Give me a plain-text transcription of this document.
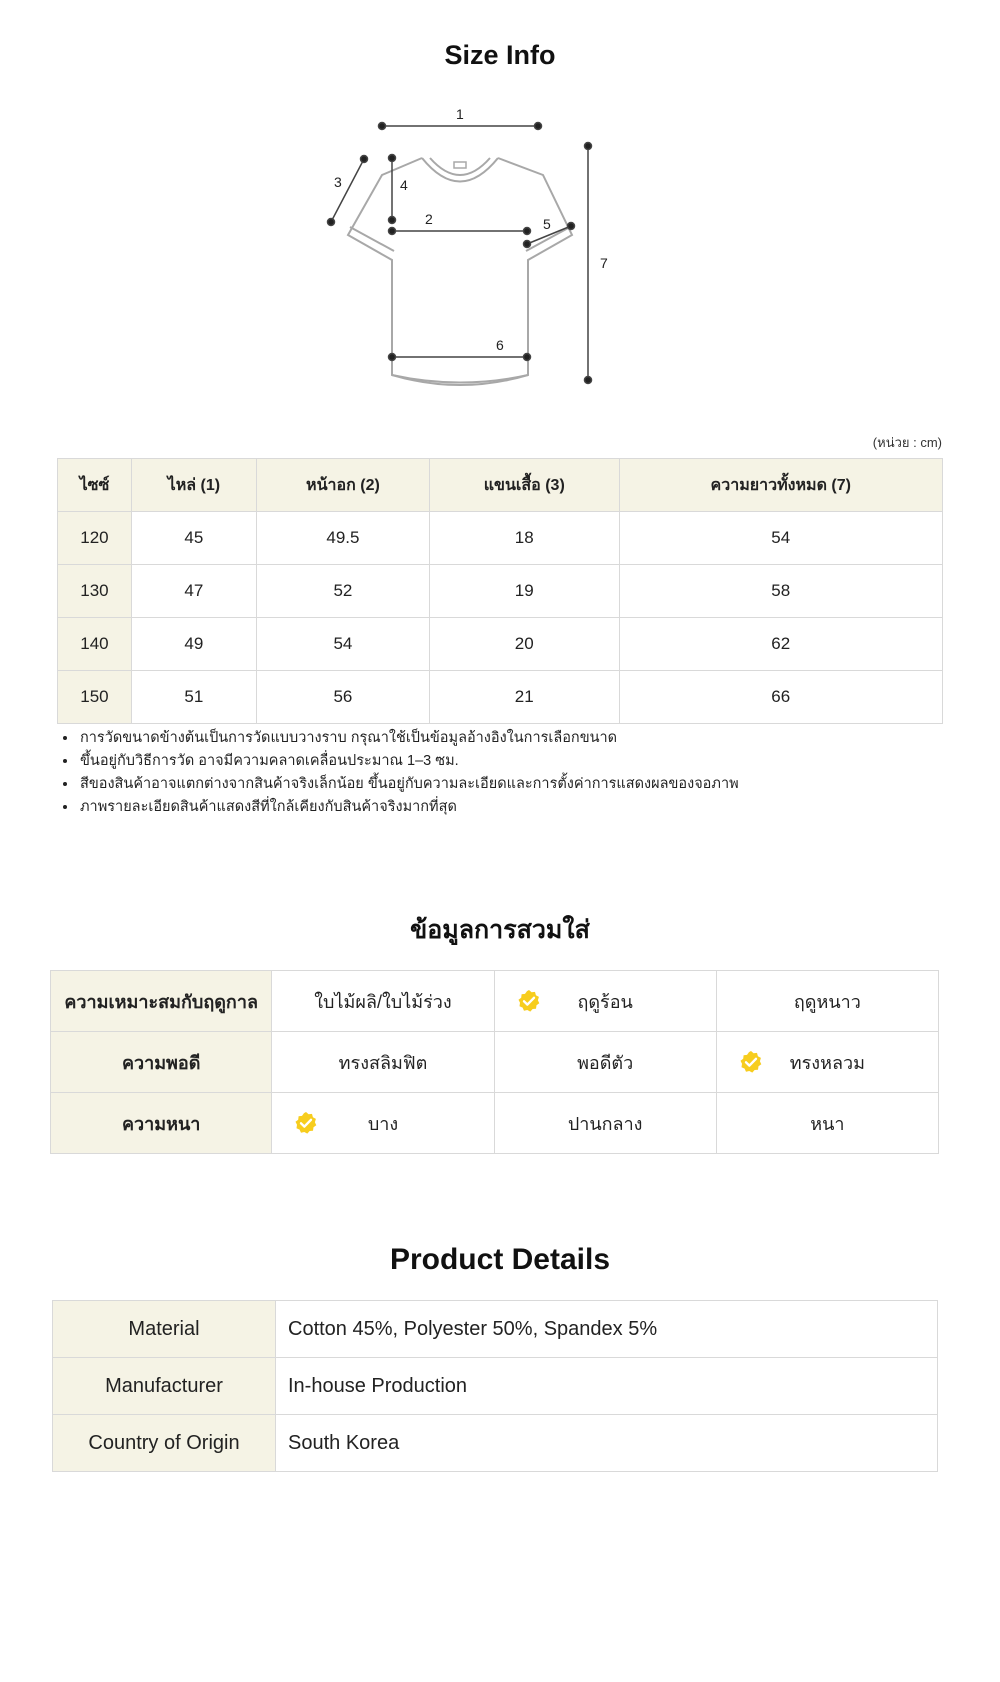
Size Info
1
2
3	4
5
6
7
(หน่วย : cm)
ไซซ์	ไหล่ (1)	หน้าอก (2)	แขนเสื้อ (3)	ความยาวทั้งหมด (7)
120	45	49.5	18	54
130	47	52	19	58
140	49	54	20	62
150	51	56	21	66
• การวัดขนาดข้างต้นเป็นการวัดแบบวางราบ กรุณาใช้เป็นข้อมูลอ้างอิงในการเลือกขนาด
• ขึ้นอยู่กับวิธีการวัด อาจมีความคลาดเคลื่อนประมาณ 1–3 ซม.
• สีของสินค้าอาจแตกต่างจากสินค้าจริงเล็กน้อย ขึ้นอยู่กับความละเอียดและการตั้งค่าการแสดงผลของจอภาพ
• ภาพรายละเอียดสินค้าแสดงสีที่ใกล้เคียงกับสินค้าจริงมากที่สุด
ข้อมูลการสวมใส่
ความเหมาะสมกับฤดูกาล	ใบไม้ผลิ/ใบไม้ร่วง	ฤดูร้อน	ฤดูหนาว
ความพอดี	ทรงสลิมฟิต	พอดีตัว	ทรงหลวม
ความหนา	บาง	ปานกลาง	หนา
Product Details
Material	Cotton 45%, Polyester 50%, Spandex 5%
Manufacturer	In-house Production
Country of Origin	South Korea
